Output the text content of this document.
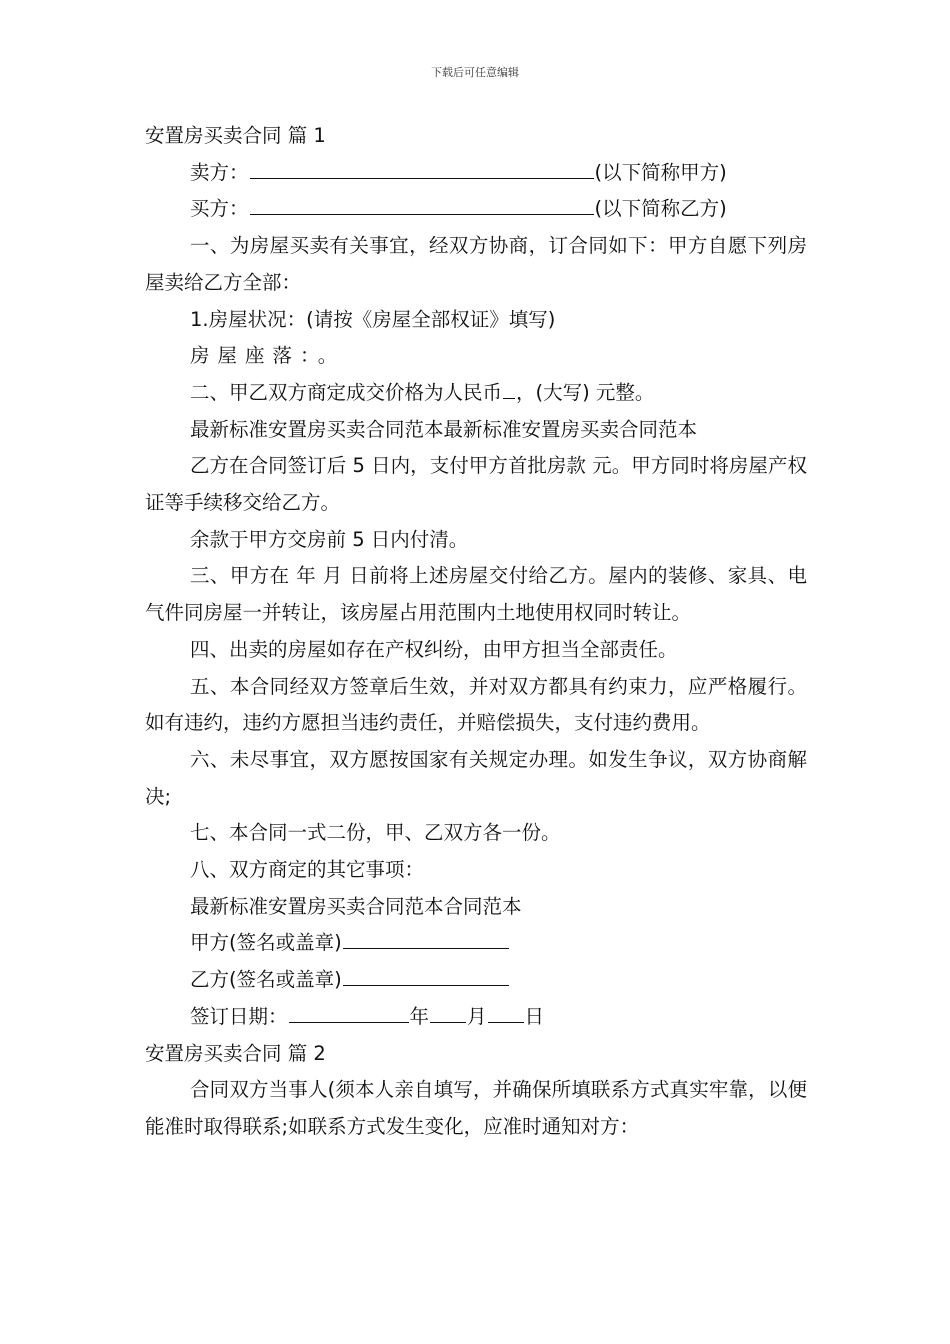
下载后可任意编辑

安置房买卖合同 篇 1

卖方：	(以下简称甲方)

买方：	(以下简称乙方)

一、为房屋买卖有关事宜，经双方协商，订合同如下：甲方自愿下列房屋卖给乙方全部：

1.房屋状况：(请按《房屋全部权证》填写)

房屋座落：。

二、甲乙双方商定成交价格为人民币 ，(大写) 元整。

最新标准安置房买卖合同范本最新标准安置房买卖合同范本

乙方在合同签订后 5 日内，支付甲方首批房款 元。甲方同时将房屋产权证等手续移交给乙方。

余款于甲方交房前 5 日内付清。

三、甲方在 年 月 日前将上述房屋交付给乙方。屋内的装修、家具、电气件同房屋一并转让，该房屋占用范围内土地使用权同时转让。

四、出卖的房屋如存在产权纠纷，由甲方担当全部责任。

五、本合同经双方签章后生效，并对双方都具有约束力，应严格履行。如有违约，违约方愿担当违约责任，并赔偿损失，支付违约费用。

六、未尽事宜，双方愿按国家有关规定办理。如发生争议，双方协商解决;

七、本合同一式二份，甲、乙双方各一份。

八、双方商定的其它事项：

最新标准安置房买卖合同范本合同范本

甲方(签名或盖章)

乙方(签名或盖章)

签订日期：	年 月 日

安置房买卖合同 篇 2

合同双方当事人(须本人亲自填写，并确保所填联系方式真实牢靠，以便能准时取得联系;如联系方式发生变化，应准时通知对方：
